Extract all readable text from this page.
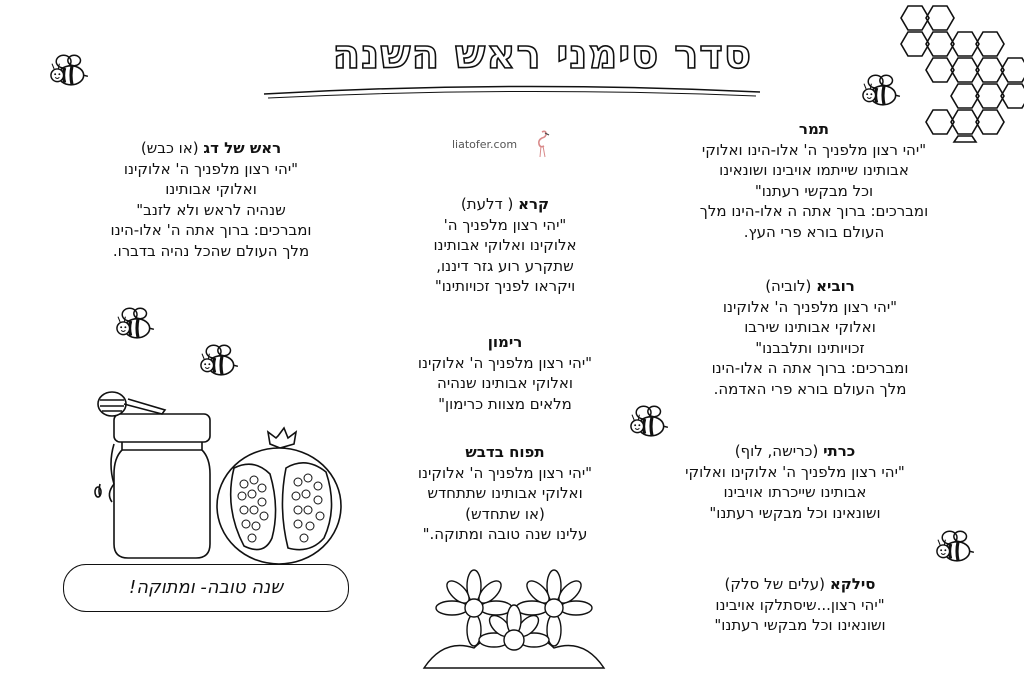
סדר סימני ראש השנה
liatofer.com
תמר
"יהי רצון מלפניך ה' אלו-הינו ואלוקי
אבותינו שייתמו אויבינו ושונאינו
וכל מבקשי רעתנו"
ומברכים: ברוך אתה ה אלו-הינו מלך
העולם בורא פרי העץ.
רוביא (לוביה)
"יהי רצון מלפניך ה' אלוקינו
ואלוקי אבותינו שירבו
זכויותינו ותלבבנו"
ומברכים: ברוך אתה ה אלו-הינו
מלך העולם בורא פרי האדמה.
כרתי (כרישה, לוף)
"יהי רצון מלפניך ה' אלוקינו ואלוקי
אבותינו שייכרתו אויבינו
ושונאינו וכל מבקשי רעתנו"
סילקא (עלים של סלק)
"יהי רצון...שיסתלקו אויבינו
ושונאינו וכל מבקשי רעתנו"
קרא ( דלעת)
"יהי רצון מלפניך ה'
אלוקינו ואלוקי אבותינו
שתקרע רוע גזר דיננו,
ויקראו לפניך זכויותינו"
רימון
"יהי רצון מלפניך ה' אלוקינו
ואלוקי אבותינו שנהיה
מלאים מצוות כרימון"
תפוח בדבש
"יהי רצון מלפניך ה' אלוקינו
ואלוקי אבותינו שתתחדש
(או שתחדש)
עלינו שנה טובה ומתוקה."
ראש של דג (או כבש)
"יהי רצון מלפניך ה' אלוקינו
ואלוקי אבותינו
שנהיה לראש ולא לזנב"
ומברכים: ברוך אתה ה' אלו-הינו
מלך העולם שהכל נהיה בדברו.
שנה טובה- ומתוקה!
